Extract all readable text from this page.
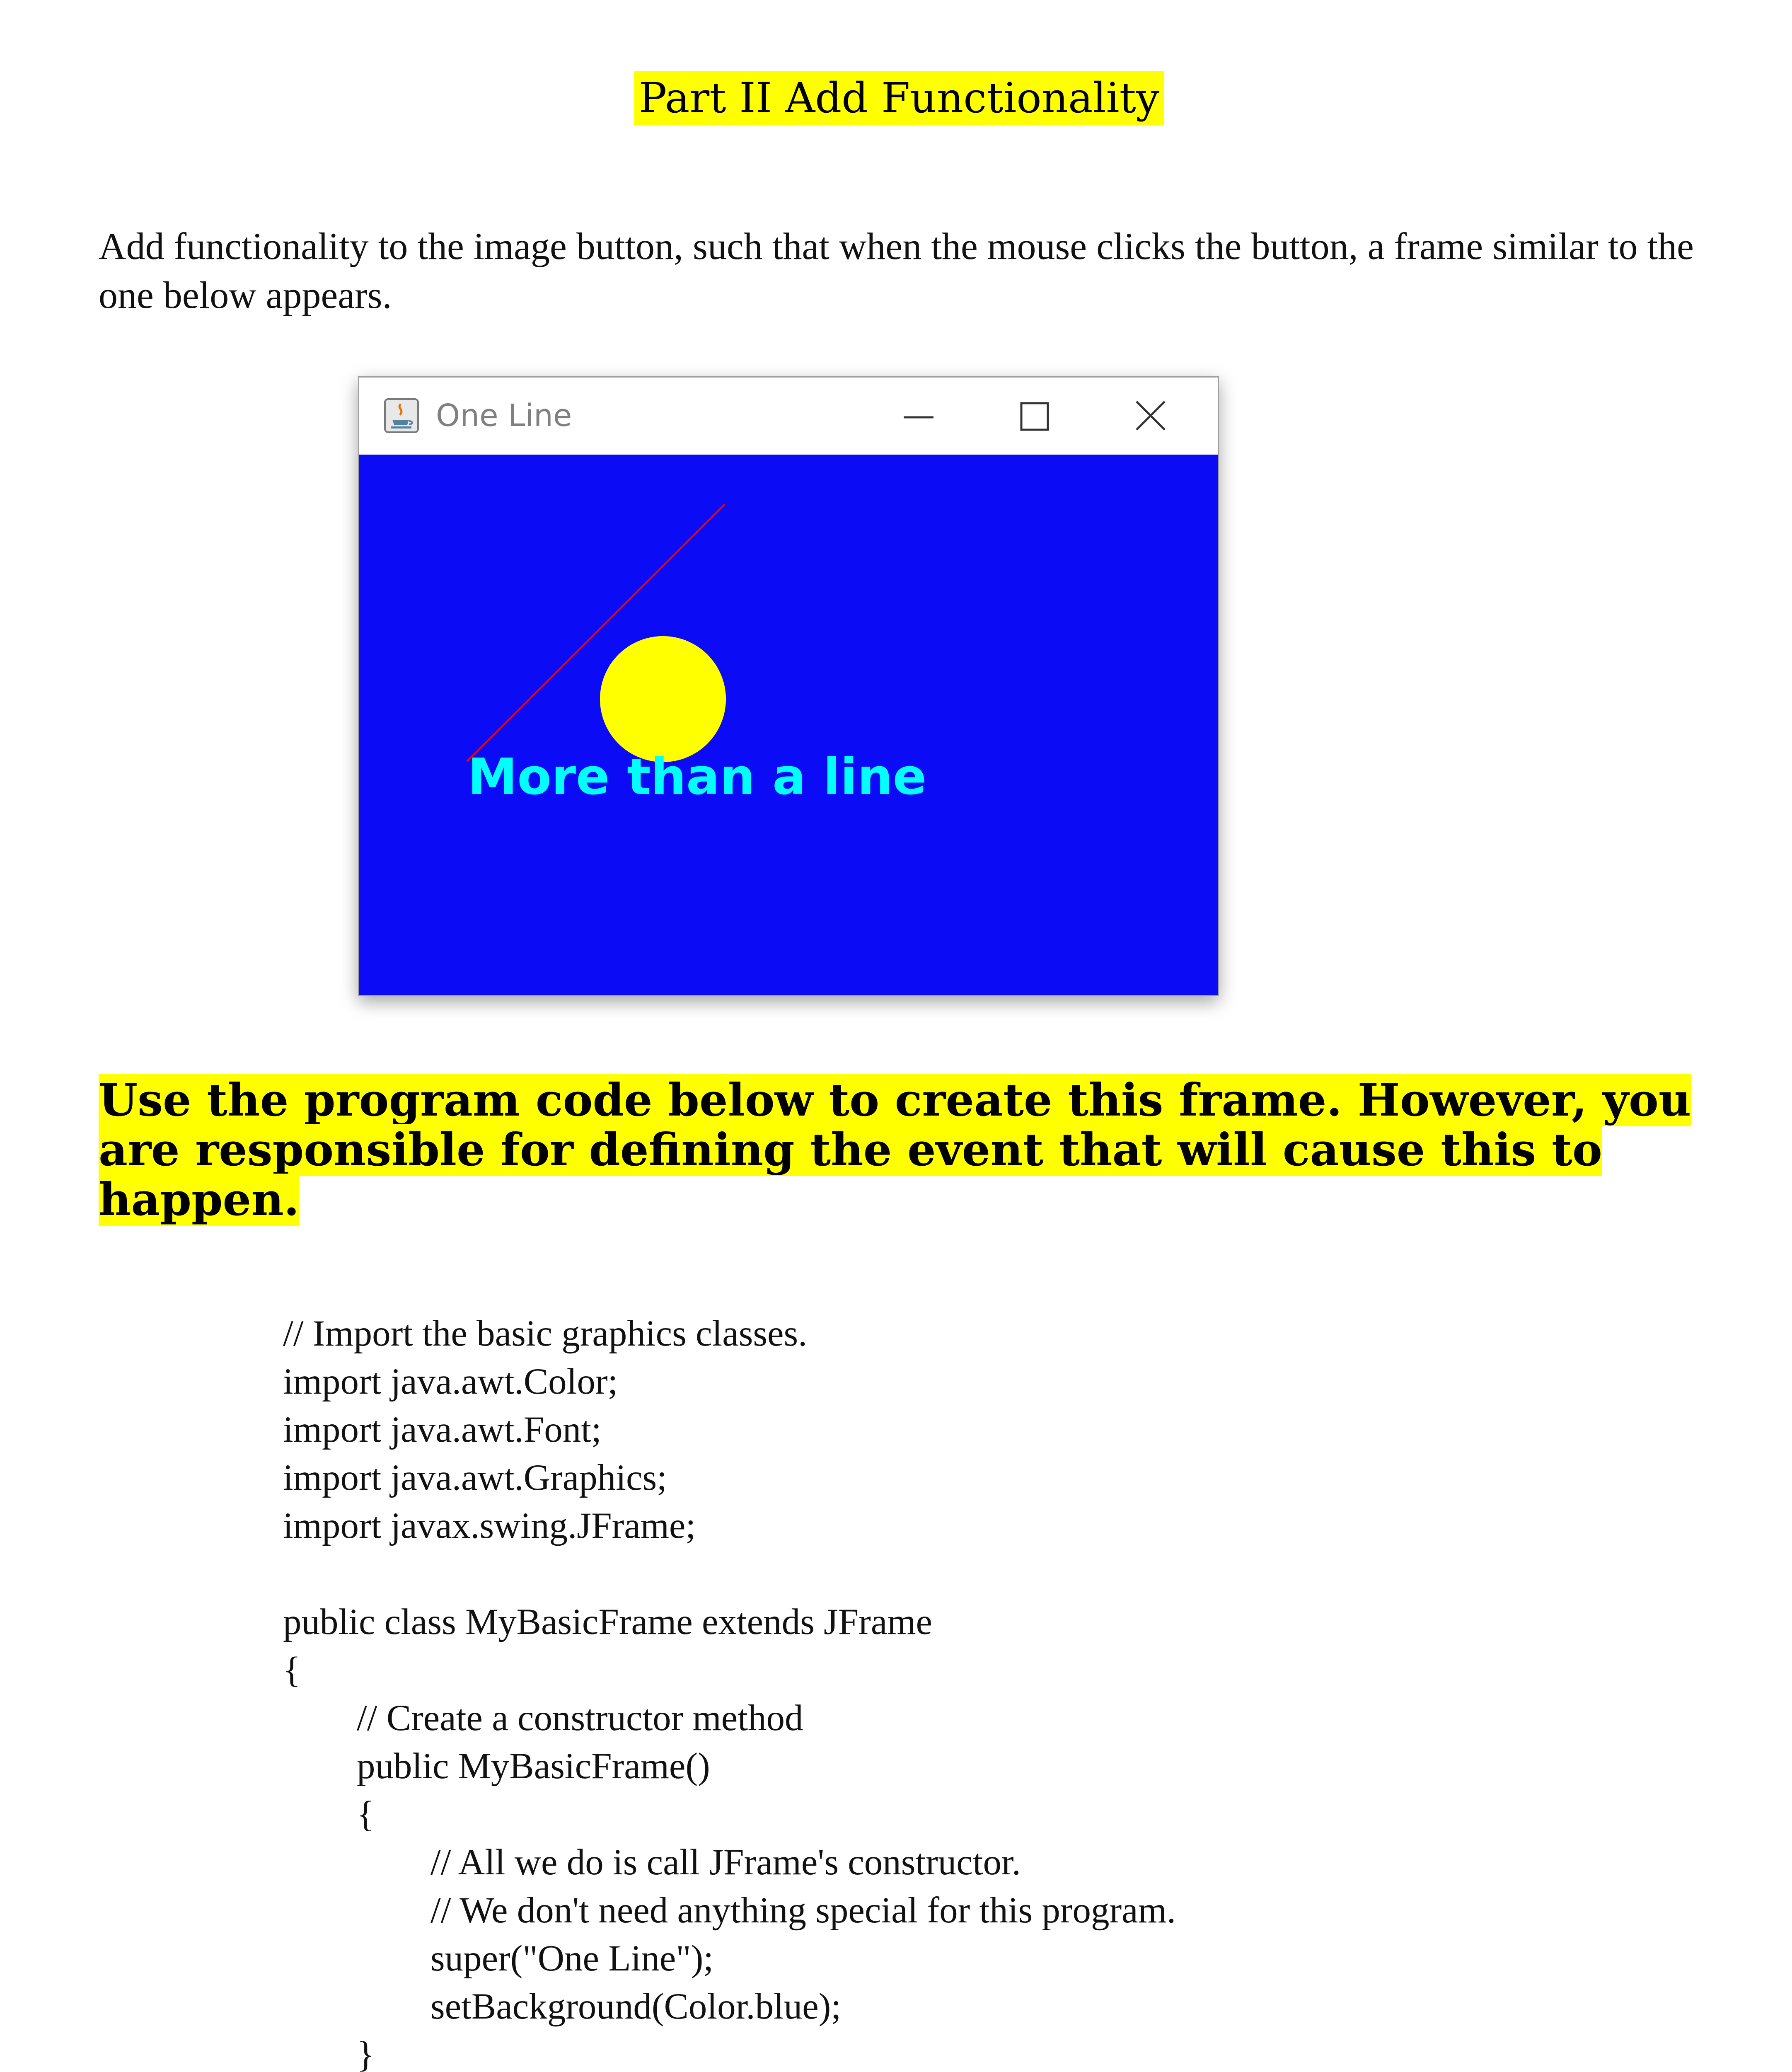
Part II Add Functionality
Add functionality to the image button, such that when the mouse clicks the button, a frame similar to the one below appears.
One Line
More than a line
Use the program code below to create this frame. However, you are responsible for defining the event that will cause this to happen.
// Import the basic graphics classes.
import java.awt.Color;
import java.awt.Font;
import java.awt.Graphics;
import javax.swing.JFrame;
public class MyBasicFrame extends JFrame
{
// Create a constructor method
public MyBasicFrame()
{
// All we do is call JFrame's constructor.
// We don't need anything special for this program.
super("One Line");
setBackground(Color.blue);
}
